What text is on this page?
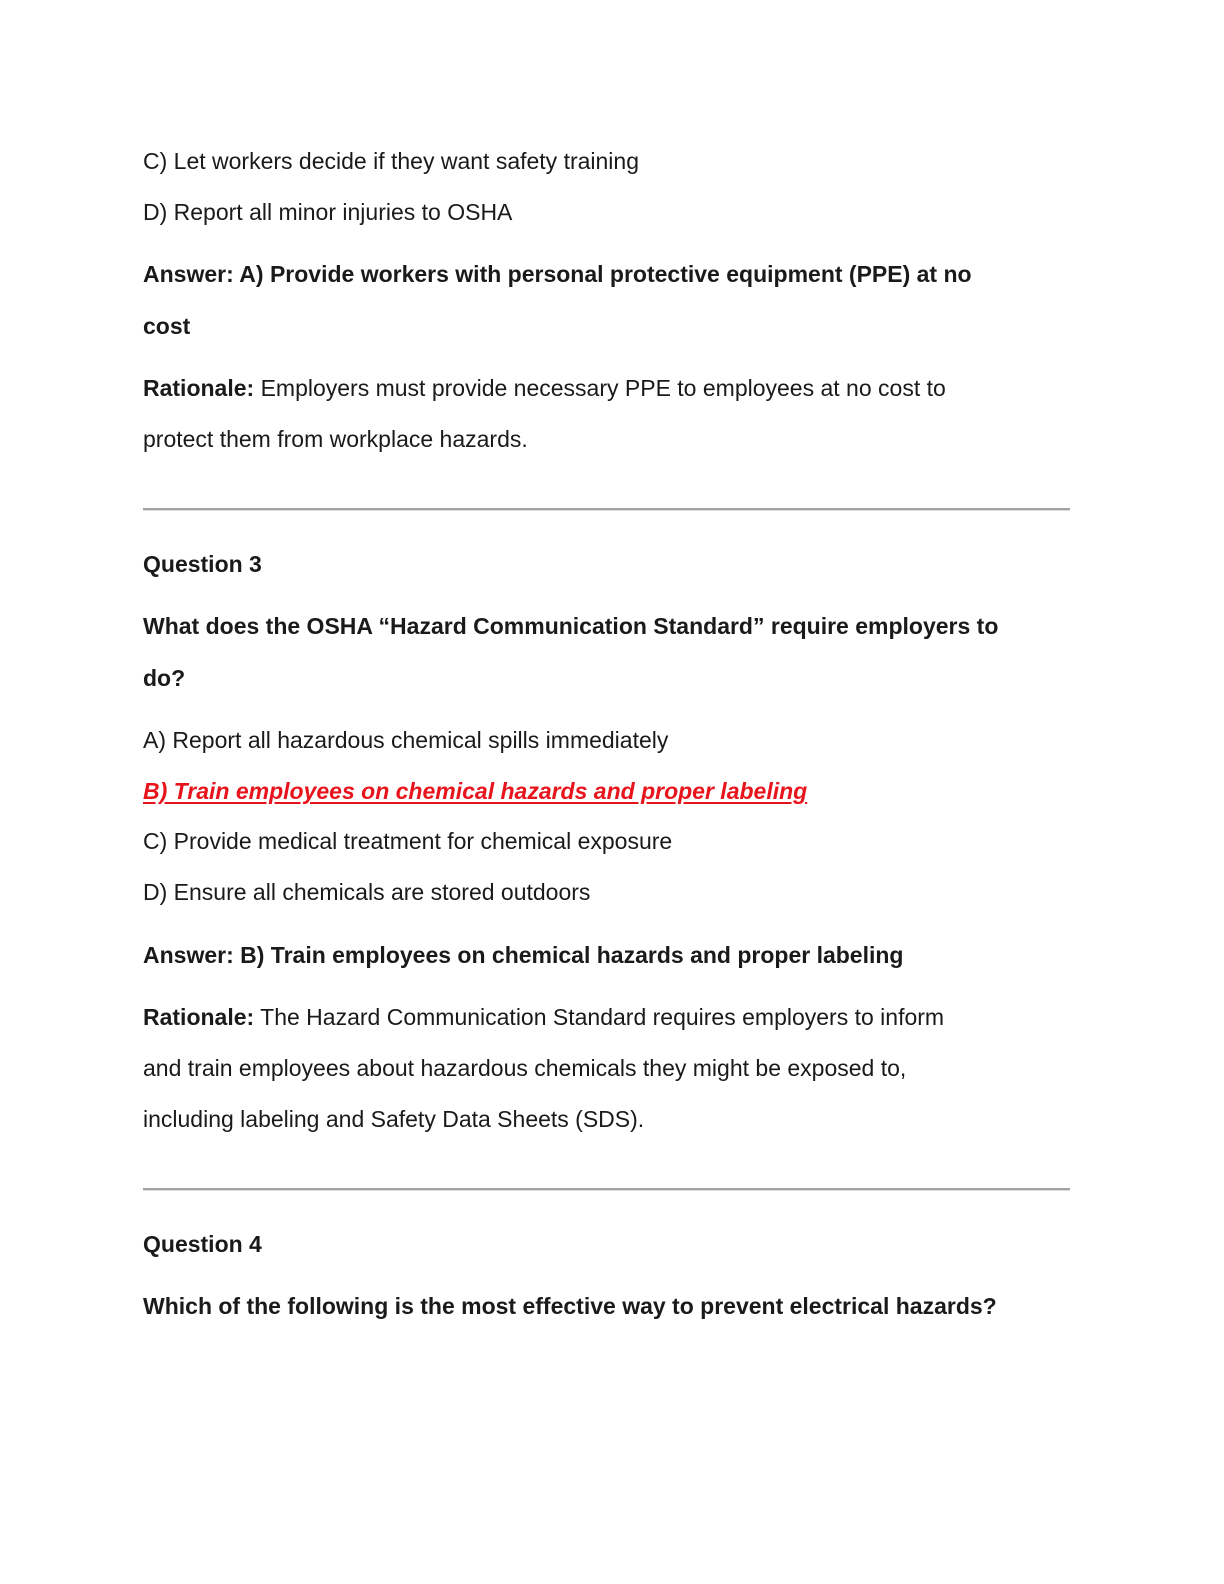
C) Let workers decide if they want safety training
D) Report all minor injuries to OSHA
Answer: A) Provide workers with personal protective equipment (PPE) at no
cost
Rationale: Employers must provide necessary PPE to employees at no cost to
protect them from workplace hazards.
Question 3
What does the OSHA “Hazard Communication Standard” require employers to
do?
A) Report all hazardous chemical spills immediately
B) Train employees on chemical hazards and proper labeling
C) Provide medical treatment for chemical exposure
D) Ensure all chemicals are stored outdoors
Answer: B) Train employees on chemical hazards and proper labeling
Rationale: The Hazard Communication Standard requires employers to inform
and train employees about hazardous chemicals they might be exposed to,
including labeling and Safety Data Sheets (SDS).
Question 4
Which of the following is the most effective way to prevent electrical hazards?
